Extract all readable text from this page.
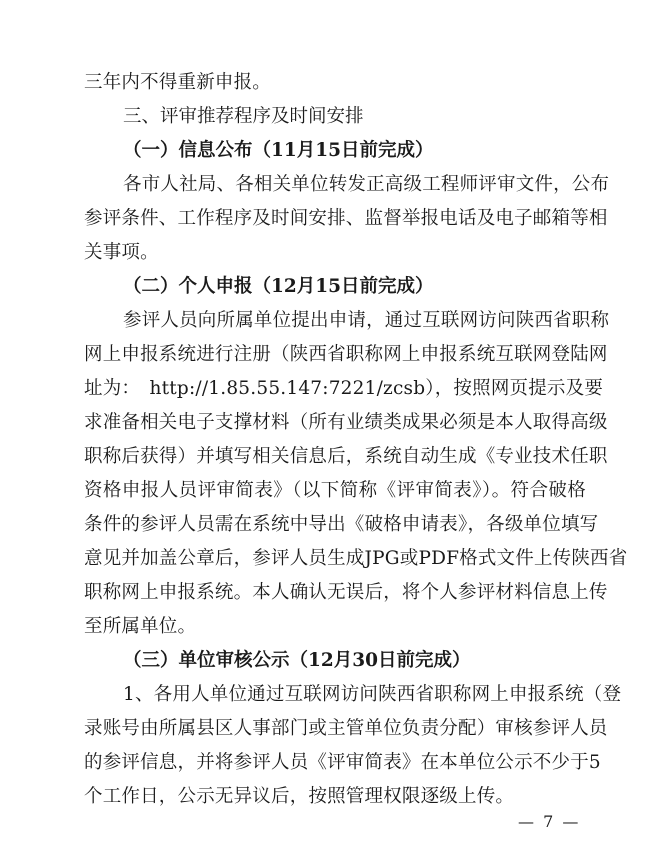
三年内不得重新申报。
三、评审推荐程序及时间安排
（一）信息公布（11月15日前完成）
各市人社局、各相关单位转发正高级工程师评审文件，公布
参评条件、工作程序及时间安排、监督举报电话及电子邮箱等相
关事项。
（二）个人申报（12月15日前完成）
参评人员向所属单位提出申请，通过互联网访问陕西省职称
网上申报系统进行注册（陕西省职称网上申报系统互联网登陆网
址为：　http://1.85.55.147:7221/zcsb），按照网页提示及要
求准备相关电子支撑材料（所有业绩类成果必须是本人取得高级
职称后获得）并填写相关信息后，系统自动生成《专业技术任职
资格申报人员评审简表》（以下简称《评审简表》）。符合破格
条件的参评人员需在系统中导出《破格申请表》，各级单位填写
意见并加盖公章后，参评人员生成JPG或PDF格式文件上传陕西省
职称网上申报系统。本人确认无误后，将个人参评材料信息上传
至所属单位。
（三）单位审核公示（12月30日前完成）
1、各用人单位通过互联网访问陕西省职称网上申报系统（登
录账号由所属县区人事部门或主管单位负责分配）审核参评人员
的参评信息，并将参评人员《评审简表》在本单位公示不少于5
个工作日，公示无异议后，按照管理权限逐级上传。
— 7 —
